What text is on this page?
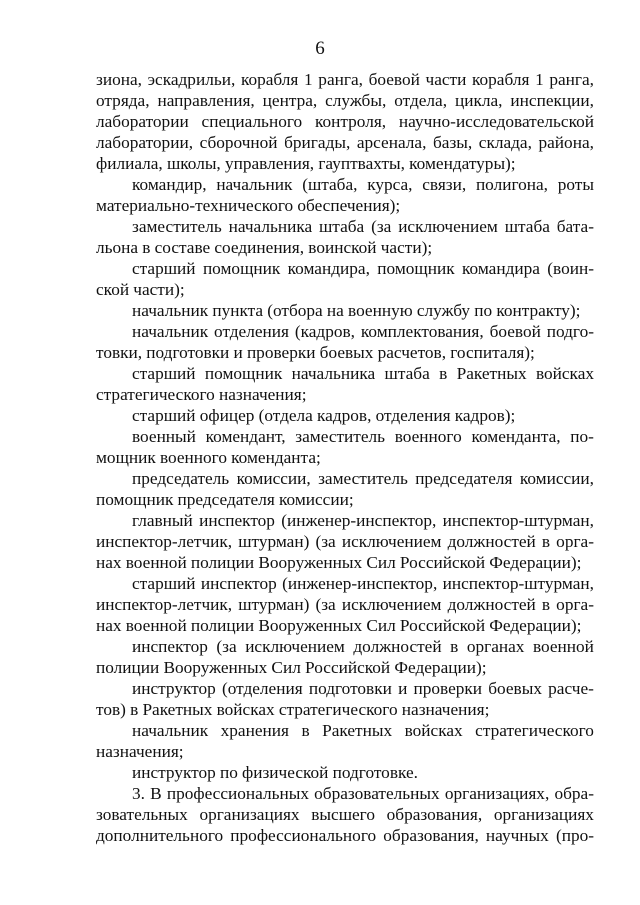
6
зиона, эскадрильи, корабля 1 ранга, боевой части корабля 1 ранга,
отряда, направления, центра, службы, отдела, цикла, инспекции,
лаборатории специального контроля, научно-исследовательской
лаборатории, сборочной бригады, арсенала, базы, склада, района,
филиала, школы, управления, гауптвахты, комендатуры);
командир, начальник (штаба, курса, связи, полигона, роты
материально-технического обеспечения);
заместитель начальника штаба (за исключением штаба бата-
льона в составе соединения, воинской части);
старший помощник командира, помощник командира (воин-
ской части);
начальник пункта (отбора на военную службу по контракту);
начальник отделения (кадров, комплектования, боевой подго-
товки, подготовки и проверки боевых расчетов, госпиталя);
старший помощник начальника штаба в Ракетных войсках
стратегического назначения;
старший офицер (отдела кадров, отделения кадров);
военный комендант, заместитель военного коменданта, по-
мощник военного коменданта;
председатель комиссии, заместитель председателя комиссии,
помощник председателя комиссии;
главный инспектор (инженер-инспектор, инспектор-штурман,
инспектор-летчик, штурман) (за исключением должностей в орга-
нах военной полиции Вооруженных Сил Российской Федерации);
старший инспектор (инженер-инспектор, инспектор-штурман,
инспектор-летчик, штурман) (за исключением должностей в орга-
нах военной полиции Вооруженных Сил Российской Федерации);
инспектор (за исключением должностей в органах военной
полиции Вооруженных Сил Российской Федерации);
инструктор (отделения подготовки и проверки боевых расче-
тов) в Ракетных войсках стратегического назначения;
начальник хранения в Ракетных войсках стратегического
назначения;
инструктор по физической подготовке.
3. В профессиональных образовательных организациях, обра-
зовательных организациях высшего образования, организациях
дополнительного профессионального образования, научных (про-
